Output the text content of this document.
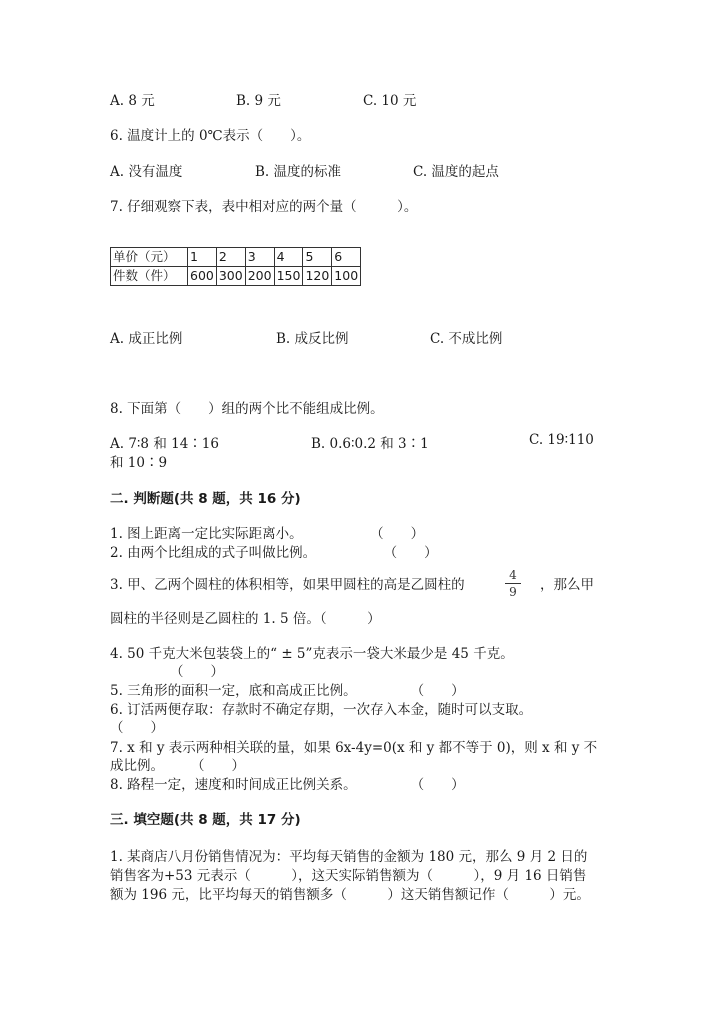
A. 8 元	B. 9 元	C. 10 元
6. 温度计上的 0℃表示（　　）。
A. 没有温度	B. 温度的标准	C. 温度的起点
7. 仔细观察下表，表中相对应的两个量（　　　）。
单价（元）	1	2	3	4	5	6
件数（件）	600	300	200	150	120	100
A. 成正比例	B. 成反比例	C. 不成比例
8. 下面第（　　）组的两个比不能组成比例。
A. 7∶8 和 14∶16	B. 0.6∶0.2 和 3∶1	C. 19∶110
和 10∶9
二. 判断题(共 8 题，共 16 分)
1. 图上距离一定比实际距离小。　　　　　　（　　）
2. 由两个比组成的式子叫做比例。　　　　　　（　　）
3. 甲、乙两个圆柱的体积相等，如果甲圆柱的高是乙圆柱的
4
9	，那么甲
圆柱的半径则是乙圆柱的 1. 5 倍。（　　　）
4. 50 千克大米包装袋上的“ ± 5”克表示一袋大米最少是 45 千克。
（　　）
5. 三角形的面积一定，底和高成正比例。　　　　　（　　）
6. 订活两便存取：存款时不确定存期，一次存入本金，随时可以支取。
（　　）
7. x 和 y 表示两种相关联的量，如果 6x-4y=0(x 和 y 都不等于 0)，则 x 和 y 不
成比例。　　　（　　）
8. 路程一定，速度和时间成正比例关系。　　　　　（　　）
三. 填空题(共 8 题，共 17 分)
1. 某商店八月份销售情况为：平均每天销售的金额为 180 元，那么 9 月 2 日的
销售客为+53 元表示（　　　），这天实际销售额为（　　　），9 月 16 日销售
额为 196 元，比平均每天的销售额多（　　　）这天销售额记作（　　　）元。
